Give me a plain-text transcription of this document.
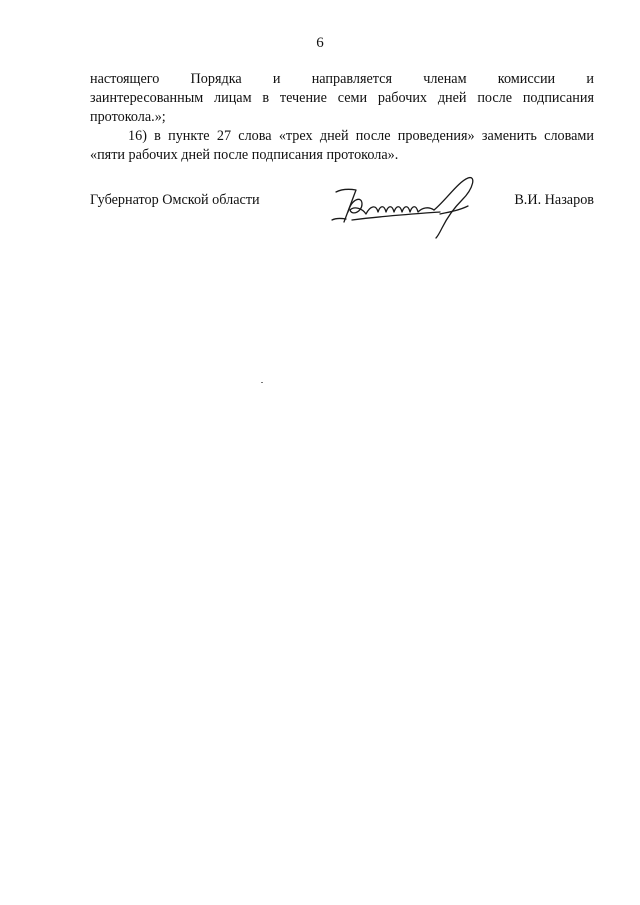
6
настоящего Порядка и направляется членам комиссии и
заинтересованным лицам в течение семи рабочих дней после подписания
протокола.»;
16) в пункте 27 слова «трех дней после проведения» заменить словами
«пяти рабочих дней после подписания протокола».
Губернатор Омской области	В.И. Назаров
